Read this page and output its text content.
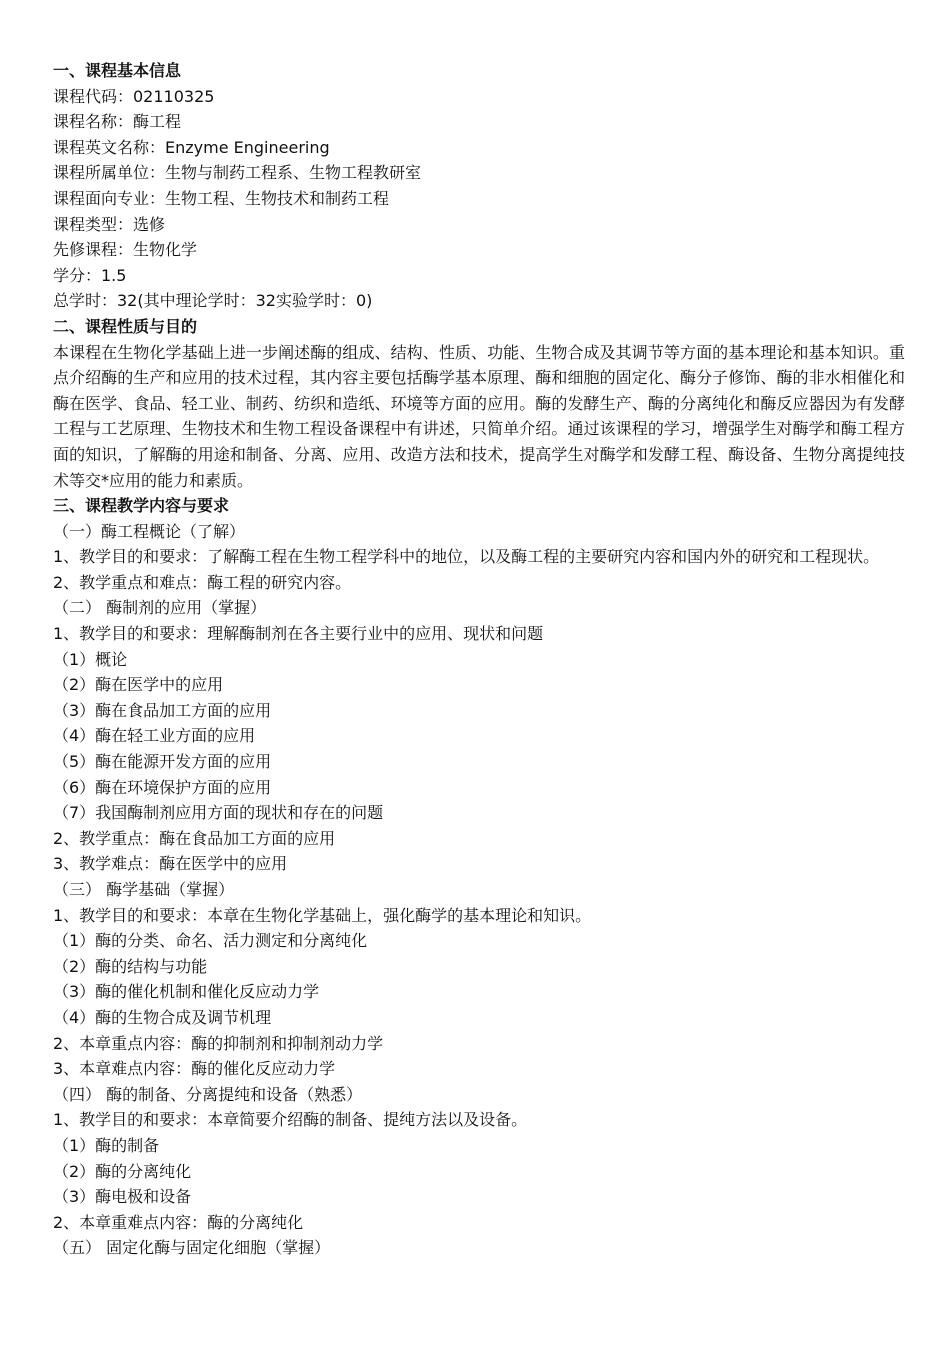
一、课程基本信息
课程代码：02110325
课程名称：酶工程
课程英文名称：Enzyme Engineering
课程所属单位：生物与制药工程系、生物工程教研室
课程面向专业：生物工程、生物技术和制药工程
课程类型：选修
先修课程：生物化学
学分：1.5
总学时：32(其中理论学时：32实验学时：0)
二、课程性质与目的
本课程在生物化学基础上进一步阐述酶的组成、结构、性质、功能、生物合成及其调节等方面的基本理论和基本知识。重点介绍酶的生产和应用的技术过程，其内容主要包括酶学基本原理、酶和细胞的固定化、酶分子修饰、酶的非水相催化和酶在医学、食品、轻工业、制药、纺织和造纸、环境等方面的应用。酶的发酵生产、酶的分离纯化和酶反应器因为有发酵工程与工艺原理、生物技术和生物工程设备课程中有讲述，只简单介绍。通过该课程的学习，增强学生对酶学和酶工程方面的知识，了解酶的用途和制备、分离、应用、改造方法和技术，提高学生对酶学和发酵工程、酶设备、生物分离提纯技术等交*应用的能力和素质。
三、课程教学内容与要求
（一）酶工程概论（了解）
1、教学目的和要求：了解酶工程在生物工程学科中的地位，以及酶工程的主要研究内容和国内外的研究和工程现状。
2、教学重点和难点：酶工程的研究内容。
（二） 酶制剂的应用（掌握）
1、教学目的和要求：理解酶制剂在各主要行业中的应用、现状和问题
（1）概论
（2）酶在医学中的应用
（3）酶在食品加工方面的应用
（4）酶在轻工业方面的应用
（5）酶在能源开发方面的应用
（6）酶在环境保护方面的应用
（7）我国酶制剂应用方面的现状和存在的问题
2、教学重点：酶在食品加工方面的应用
3、教学难点：酶在医学中的应用
（三） 酶学基础（掌握）
1、教学目的和要求：本章在生物化学基础上，强化酶学的基本理论和知识。
（1）酶的分类、命名、活力测定和分离纯化
（2）酶的结构与功能
（3）酶的催化机制和催化反应动力学
（4）酶的生物合成及调节机理
2、本章重点内容：酶的抑制剂和抑制剂动力学
3、本章难点内容：酶的催化反应动力学
（四） 酶的制备、分离提纯和设备（熟悉）
1、教学目的和要求：本章简要介绍酶的制备、提纯方法以及设备。
（1）酶的制备
（2）酶的分离纯化
（3）酶电极和设备
2、本章重难点内容：酶的分离纯化
（五） 固定化酶与固定化细胞（掌握）
